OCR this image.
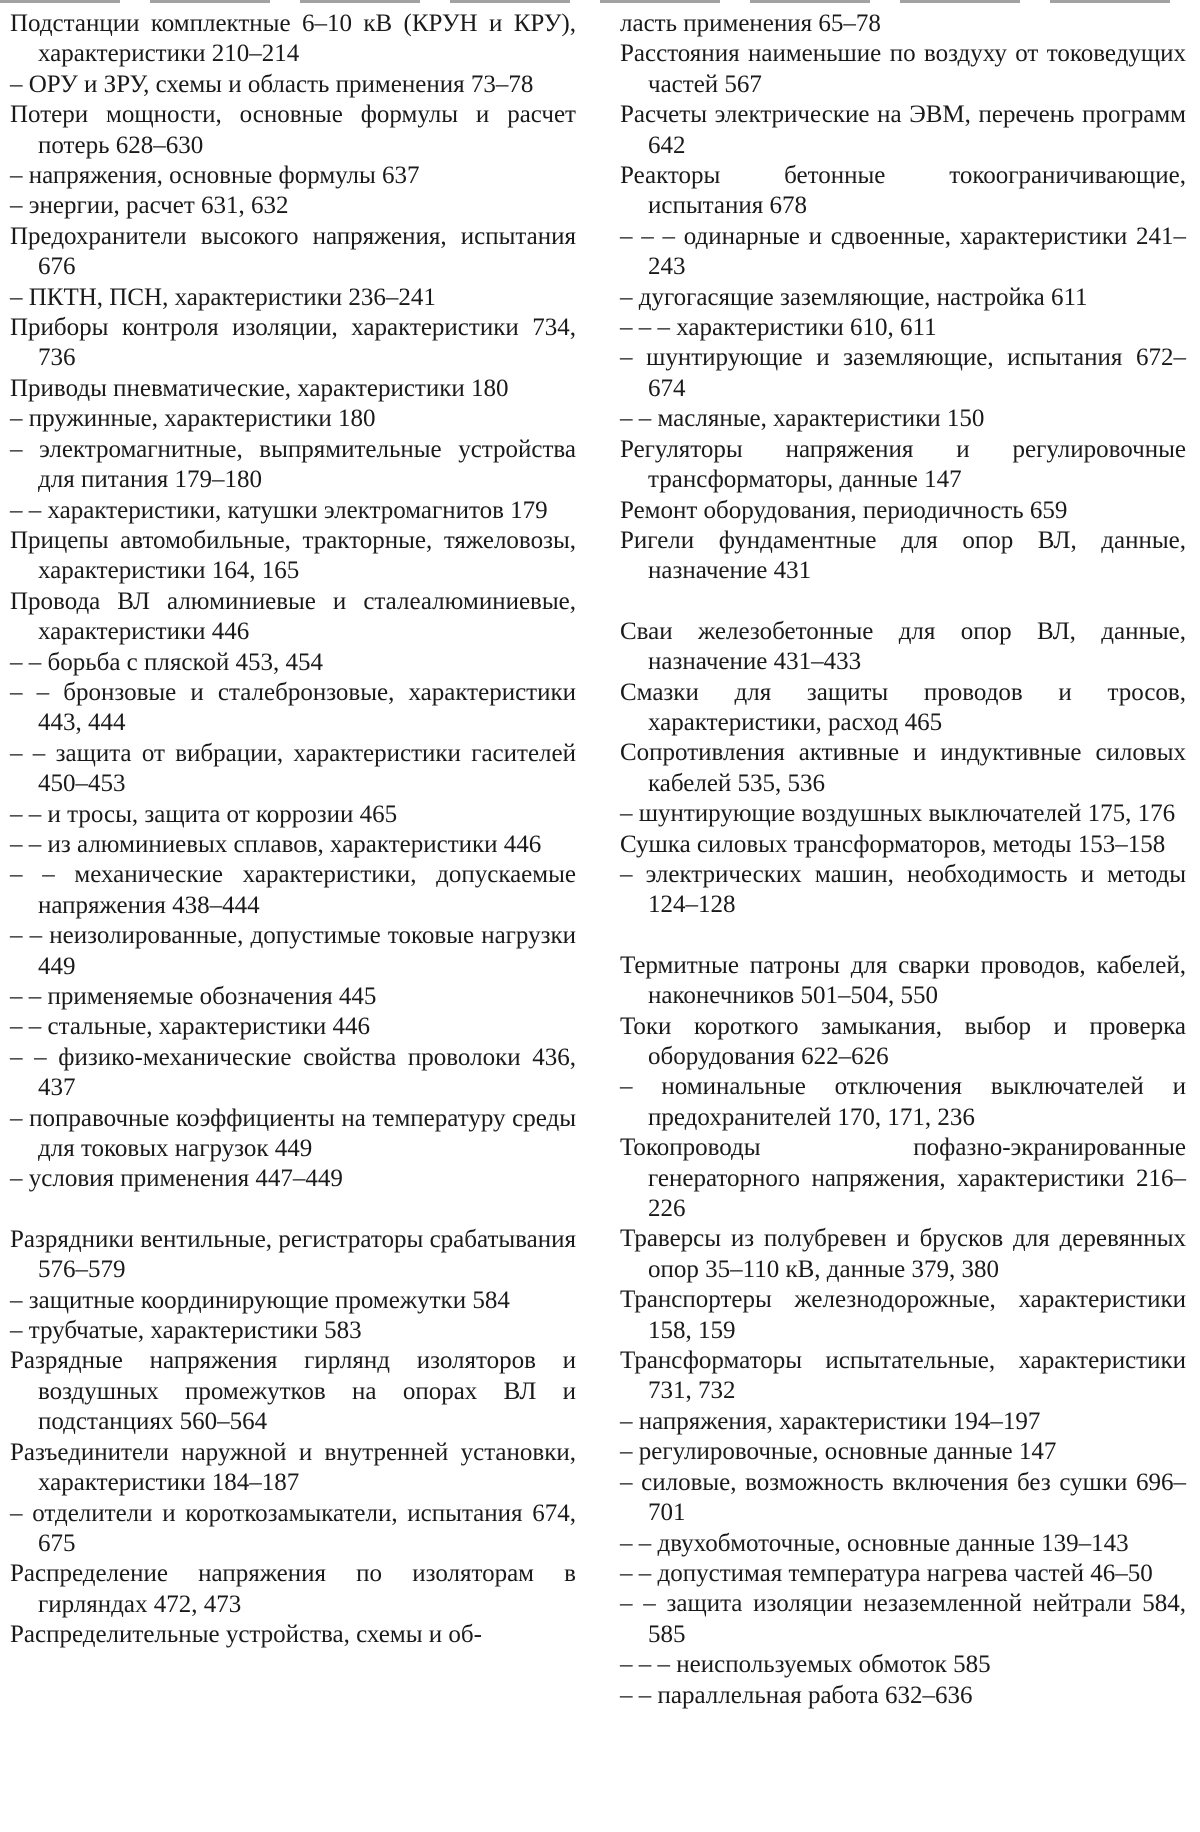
Подстанции комплектные 6–10 кВ (КРУН и КРУ), характеристики 210–214

– ОРУ и ЗРУ, схемы и область применения 73–78

Потери мощности, основные формулы и расчет потерь 628–630

– напряжения, основные формулы 637

– энергии, расчет 631, 632

Предохранители высокого напряжения, испытания 676

– ПКТН, ПСН, характеристики 236–241

Приборы контроля изоляции, характеристики 734, 736

Приводы пневматические, характеристики 180

– пружинные, характеристики 180

– электромагнитные, выпрямительные устройства для питания 179–180

– – характеристики, катушки электромагнитов 179

Прицепы автомобильные, тракторные, тяжеловозы, характеристики 164, 165

Провода ВЛ алюминиевые и сталеалюминиевые, характеристики 446

– – борьба с пляской 453, 454

– – бронзовые и сталебронзовые, характеристики 443, 444

– – защита от вибрации, характеристики гасителей 450–453

– – и тросы, защита от коррозии 465

– – из алюминиевых сплавов, характеристики 446

– – механические характеристики, допускаемые напряжения 438–444

– – неизолированные, допустимые токовые нагрузки 449

– – применяемые обозначения 445

– – стальные, характеристики 446

– – физико-механические свойства проволоки 436, 437

– поправочные коэффициенты на температуру среды для токовых нагрузок 449

– условия применения 447–449

Разрядники вентильные, регистраторы срабатывания 576–579

– защитные координирующие промежутки 584

– трубчатые, характеристики 583

Разрядные напряжения гирлянд изоляторов и воздушных промежутков на опорах ВЛ и подстанциях 560–564

Разъединители наружной и внутренней установки, характеристики 184–187

– отделители и короткозамыкатели, испытания 674, 675

Распределение напряжения по изоляторам в гирляндах 472, 473

Распределительные устройства, схемы и об-

ласть применения 65–78

Расстояния наименьшие по воздуху от токоведущих частей 567

Расчеты электрические на ЭВМ, перечень программ 642

Реакторы бетонные токоограничивающие, испытания 678

– – – одинарные и сдвоенные, характеристики 241–243

– дугогасящие заземляющие, настройка 611

– – – характеристики 610, 611

– шунтирующие и заземляющие, испытания 672–674

– – масляные, характеристики 150

Регуляторы напряжения и регулировочные трансформаторы, данные 147

Ремонт оборудования, периодичность 659

Ригели фундаментные для опор ВЛ, данные, назначение 431

Сваи железобетонные для опор ВЛ, данные, назначение 431–433

Смазки для защиты проводов и тросов, характеристики, расход 465

Сопротивления активные и индуктивные силовых кабелей 535, 536

– шунтирующие воздушных выключателей 175, 176

Сушка силовых трансформаторов, методы 153–158

– электрических машин, необходимость и методы 124–128

Термитные патроны для сварки проводов, кабелей, наконечников 501–504, 550

Токи короткого замыкания, выбор и проверка оборудования 622–626

– номинальные отключения выключателей и предохранителей 170, 171, 236

Токопроводы пофазно-экранированные генераторного напряжения, характеристики 216–226

Траверсы из полубревен и брусков для деревянных опор 35–110 кВ, данные 379, 380

Транспортеры железнодорожные, характеристики 158, 159

Трансформаторы испытательные, характеристики 731, 732

– напряжения, характеристики 194–197

– регулировочные, основные данные 147

– силовые, возможность включения без сушки 696–701

– – двухобмоточные, основные данные 139–143

– – допустимая температура нагрева частей 46–50

– – защита изоляции незаземленной нейтрали 584, 585

– – – неиспользуемых обмоток 585

– – параллельная работа 632–636
